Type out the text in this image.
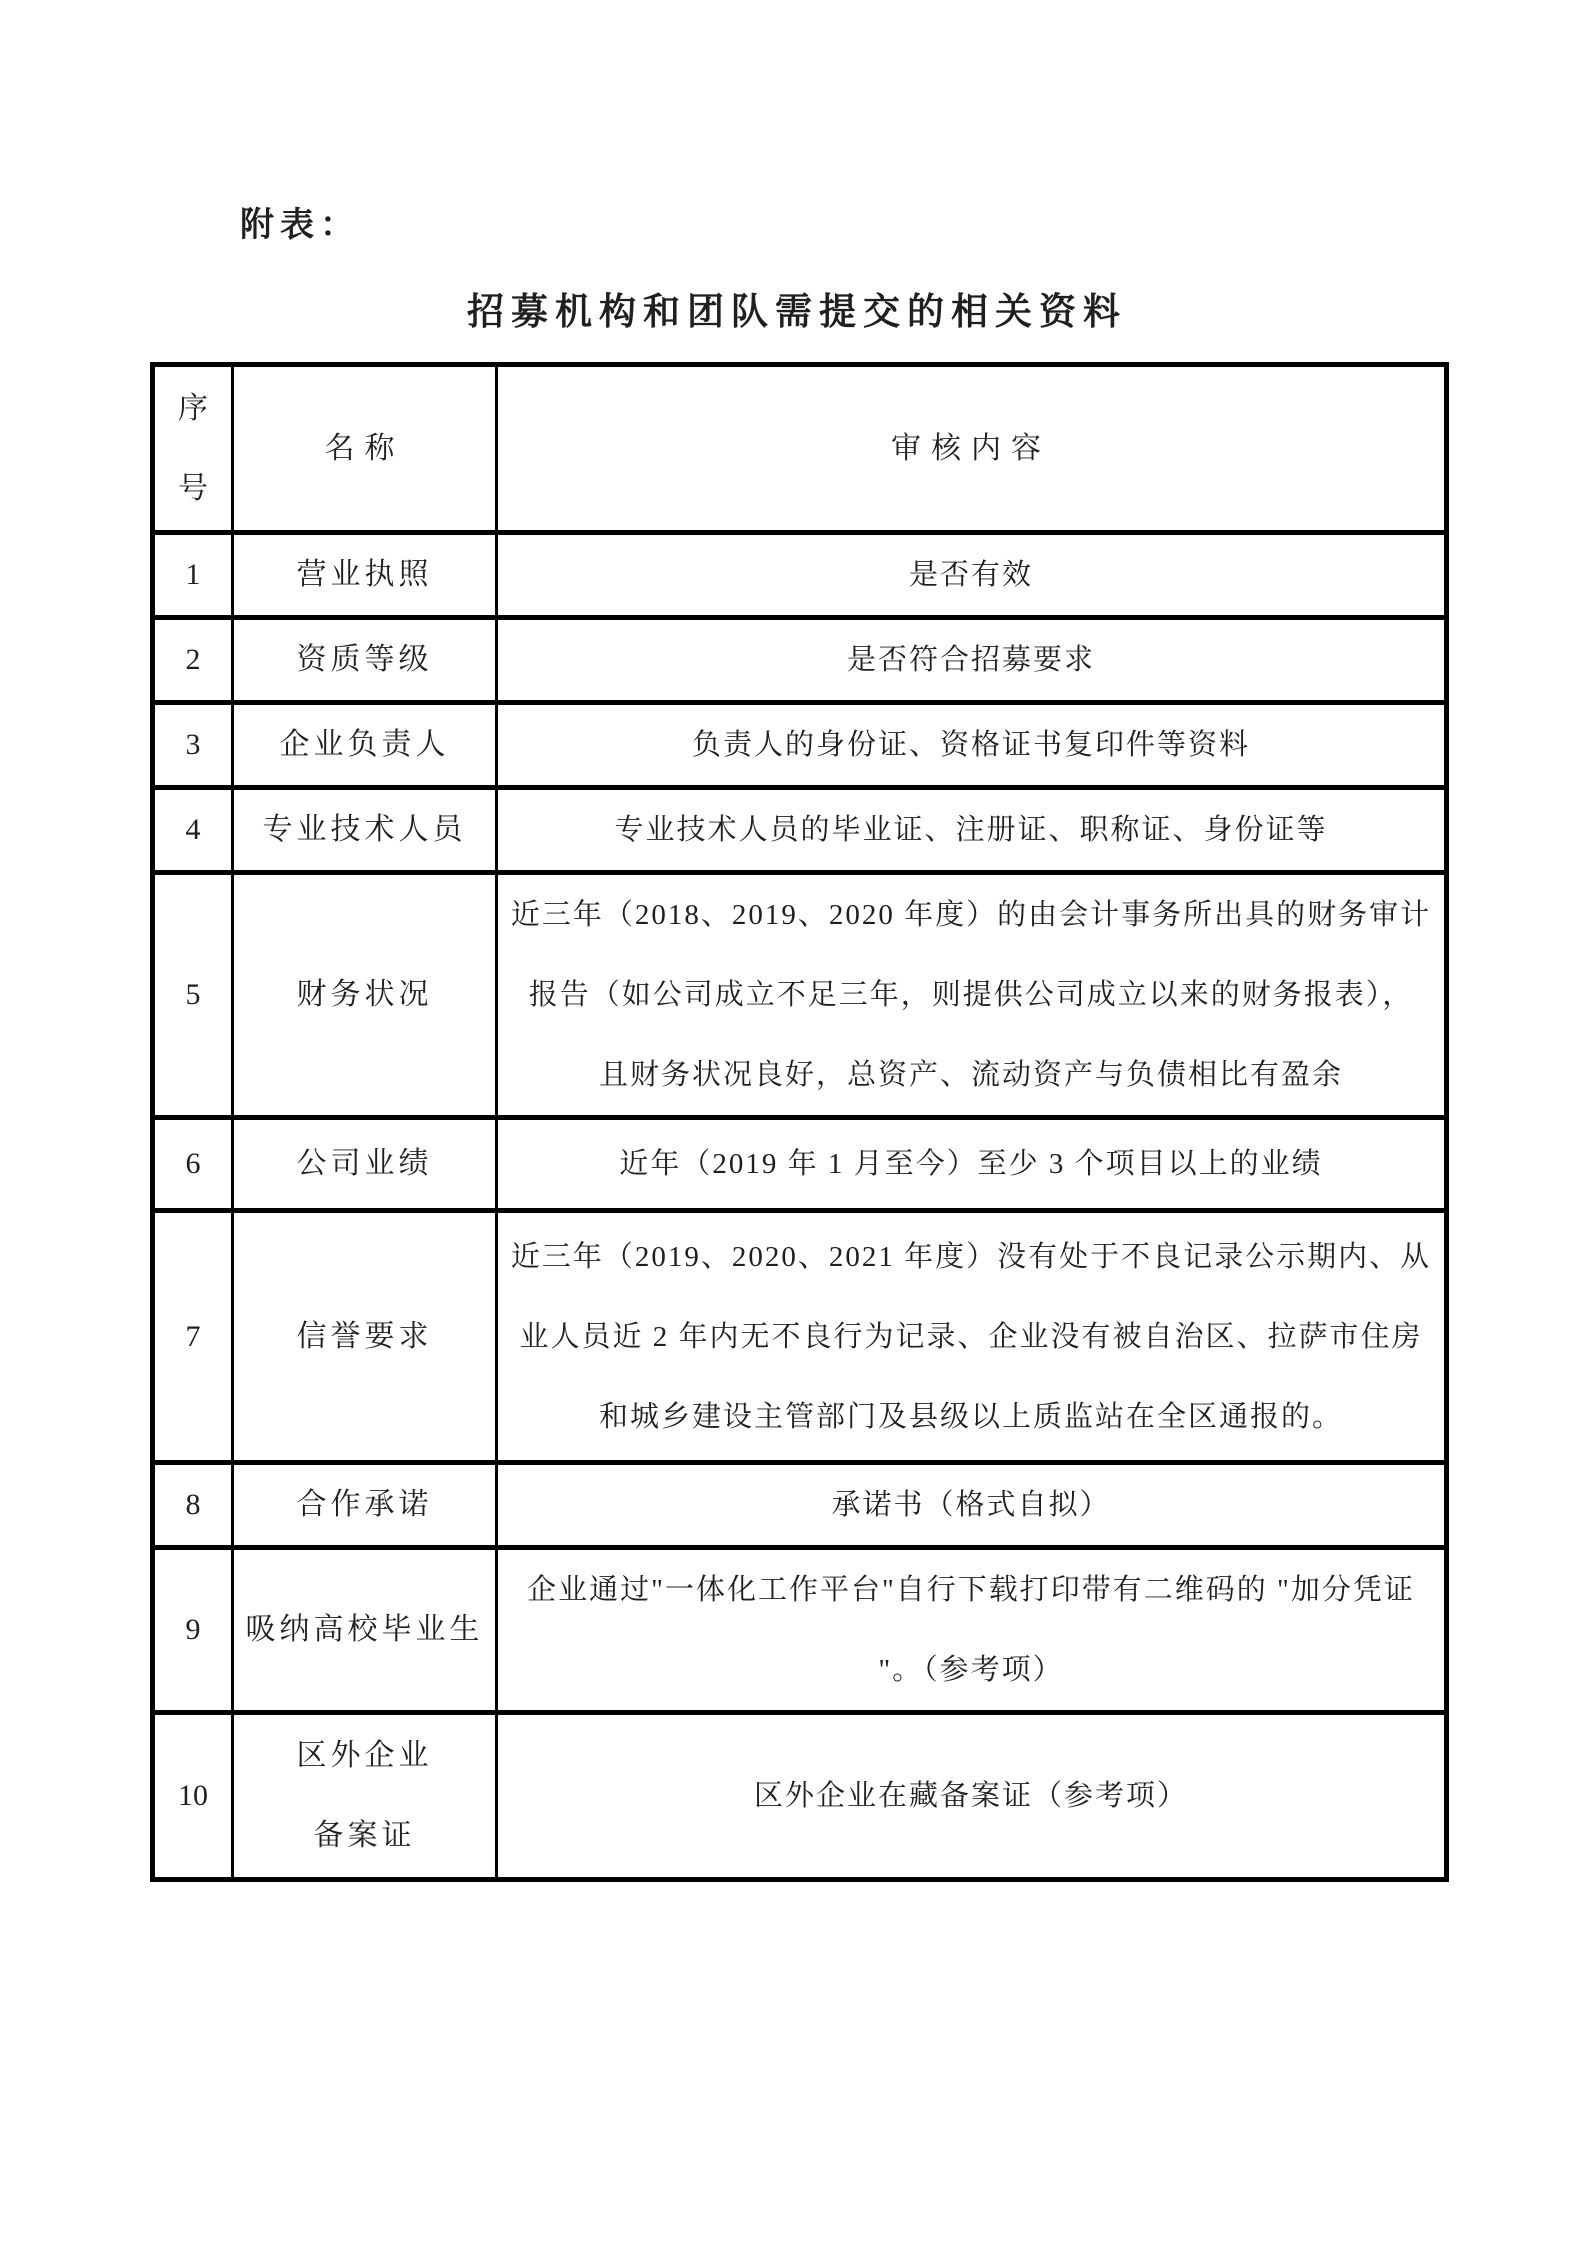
附表：
招募机构和团队需提交的相关资料
序
号	名称	审核内容
1	营业执照	是否有效

2	资质等级	是否符合招募要求

3	企业负责人	负责人的身份证、资格证书复印件等资料

4	专业技术人员	专业技术人员的毕业证、注册证、职称证、身份证等

5	财务状况	近三年（2018、2019、2020 年度）的由会计事务所出具的财务审计
报告（如公司成立不足三年，则提供公司成立以来的财务报表），
且财务状况良好，总资产、流动资产与负债相比有盈余

6	公司业绩	近年（2019 年 1 月至今）至少 3 个项目以上的业绩

7	信誉要求	近三年（2019、2020、2021 年度）没有处于不良记录公示期内、从
业人员近 2 年内无不良行为记录、企业没有被自治区、拉萨市住房
和城乡建设主管部门及县级以上质监站在全区通报的。

8	合作承诺	承诺书（格式自拟）

9	吸纳高校毕业生	企业通过"一体化工作平台"自行下载打印带有二维码的 "加分凭证
"。（参考项）

10	区外企业
备案证	区外企业在藏备案证（参考项）
